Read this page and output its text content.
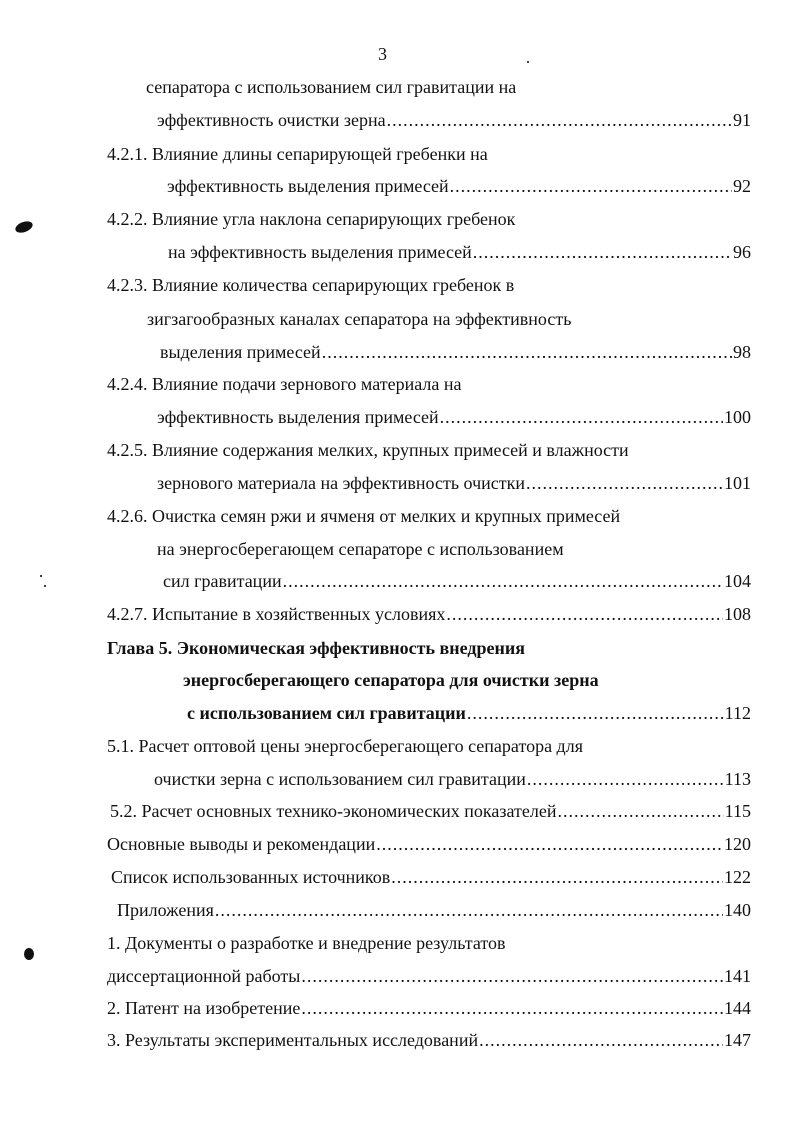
3
сепаратора с использованием сил гравитации на
эффективность очистки зерна .....	91
4.2.1. Влияние длины сепарирующей гребенки на
эффективность выделения примесей .....	92
4.2.2. Влияние угла наклона сепарирующих гребенок
на эффективность выделения примесей .....	96
4.2.3. Влияние количества сепарирующих гребенок в
зигзагообразных каналах сепаратора на эффективность
выделения примесей .....	98
4.2.4. Влияние подачи зернового материала на
эффективность выделения примесей .....	100
4.2.5. Влияние содержания мелких, крупных примесей и влажности
зернового материала на эффективность очистки .....	101
4.2.6. Очистка семян ржи и ячменя от мелких и крупных примесей
на энергосберегающем сепараторе с использованием
сил гравитации .....	104
4.2.7. Испытание в хозяйственных условиях .....	108
Глава 5. Экономическая эффективность внедрения
энергосберегающего сепаратора для очистки зерна
с использованием сил гравитации .....	112
5.1. Расчет оптовой цены энергосберегающего сепаратора для
очистки зерна с использованием сил гравитации .....	113
5.2. Расчет основных технико-экономических показателей .....	115
Основные выводы и рекомендации .....	120
Список использованных источников .....	122
Приложения .....	140
1. Документы о разработке и внедрение результатов
диссертационной работы .....	141
2. Патент на изобретение .....	144
3. Результаты экспериментальных исследований .....	147
